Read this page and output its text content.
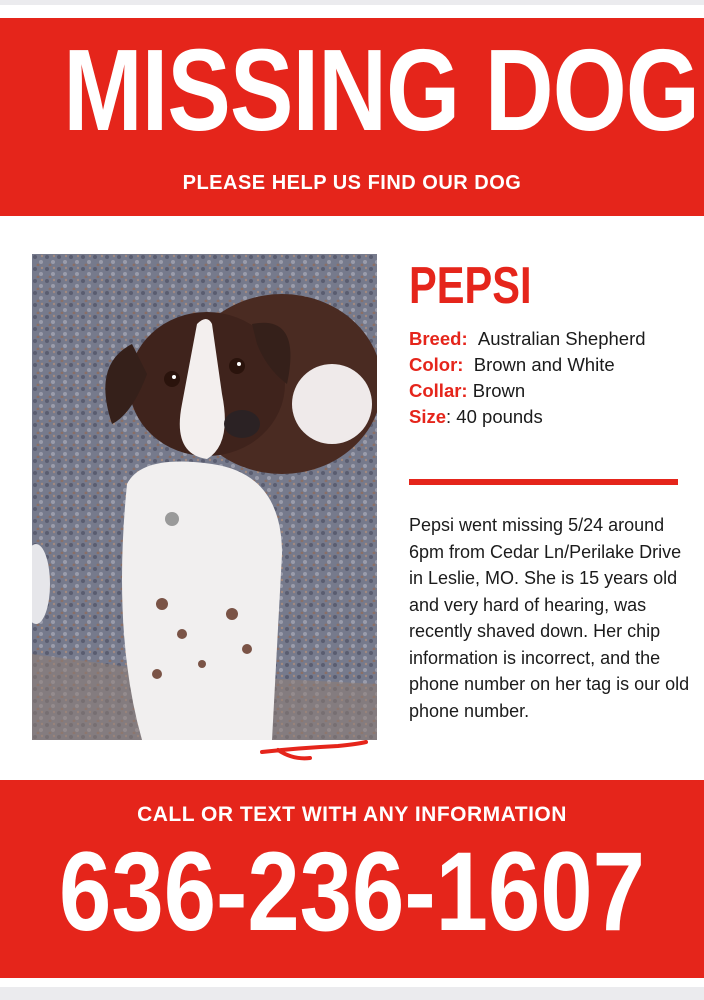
MISSING DOG
PLEASE HELP US FIND OUR DOG
PEPSI
Breed: Australian Shepherd
Color: Brown and White
Collar: Brown
Size: 40 pounds
Pepsi went missing 5/24 around 6pm from Cedar Ln/Perilake Drive in Leslie, MO. She is 15 years old and very hard of hearing, was recently shaved down. Her chip information is incorrect, and the phone number on her tag is our old phone number.
CALL OR TEXT WITH ANY INFORMATION
636-236-1607
